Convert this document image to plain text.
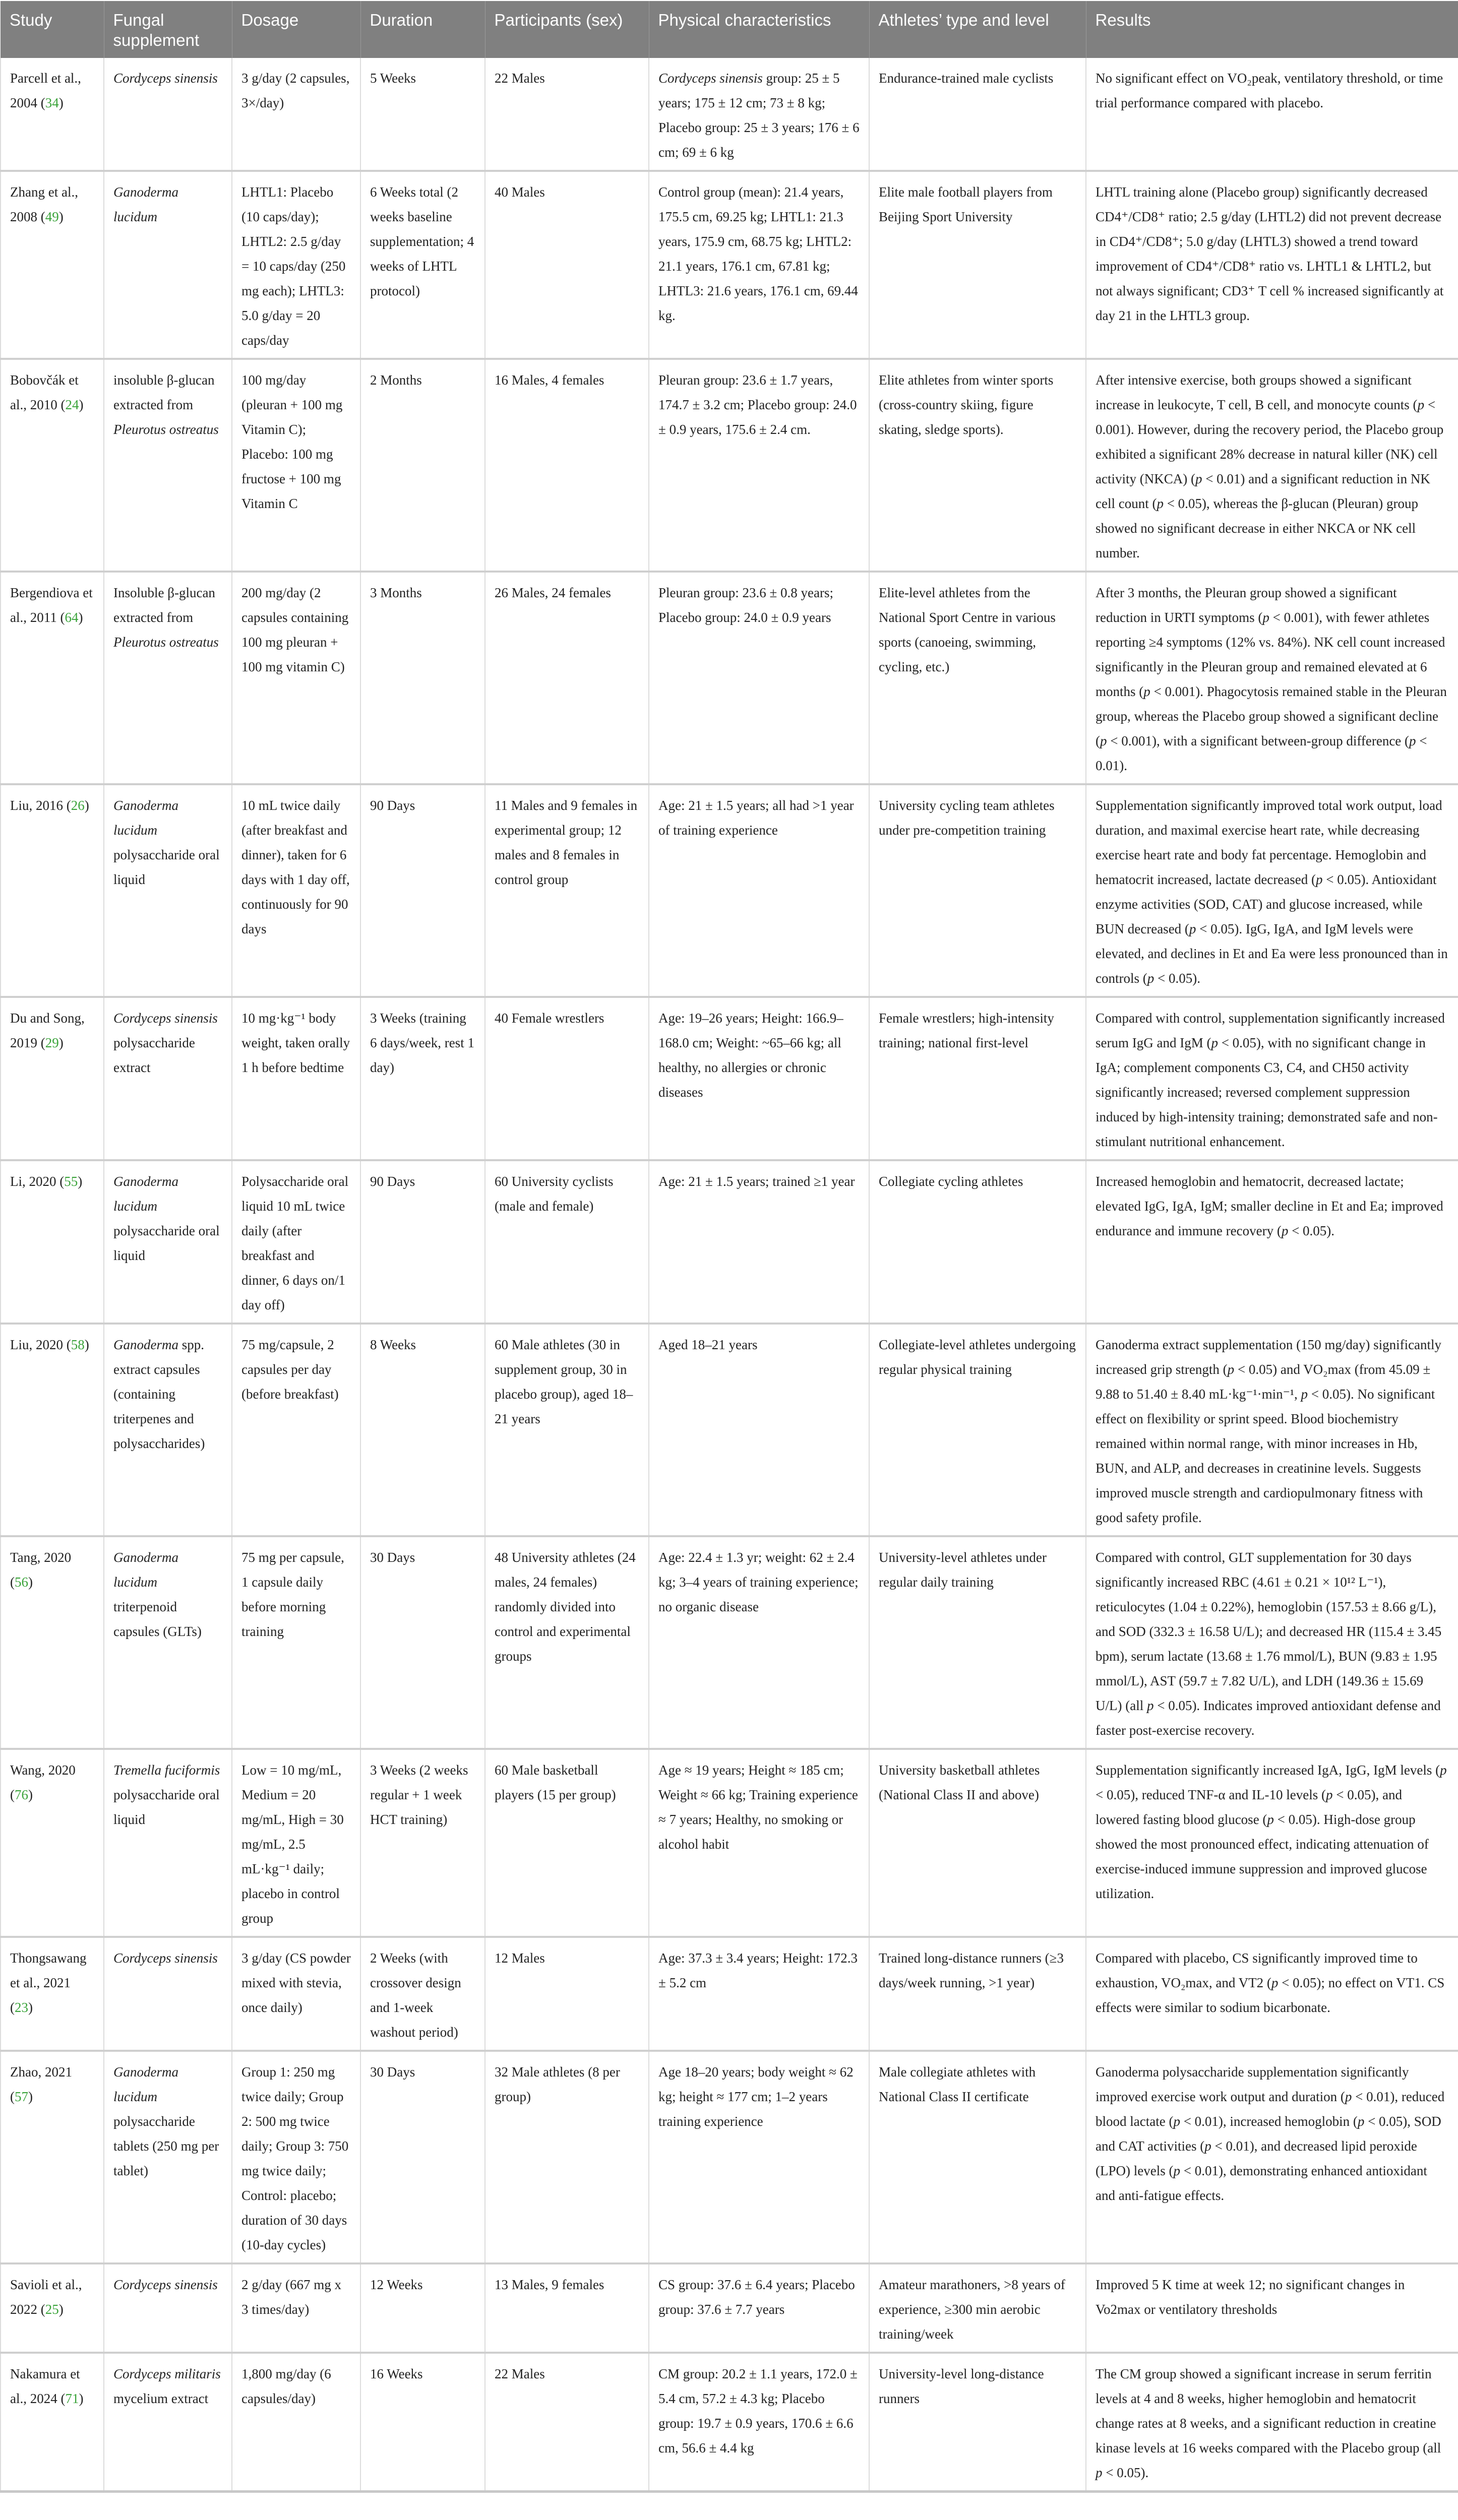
Study	Fungal supplement	Dosage	Duration	Participants (sex)	Physical characteristics	Athletes’ type and level	Results
Parcell et al., 2004 (34)	Cordyceps sinensis	3 g/day (2 capsules, 3×/day)	5 Weeks	22 Males	Cordyceps sinensis group: 25 ± 5 years; 175 ± 12 cm; 73 ± 8 kg; Placebo group: 25 ± 3 years; 176 ± 6 cm; 69 ± 6 kg	Endurance-trained male cyclists	No significant effect on VO₂peak, ventilatory threshold, or time trial performance compared with placebo.
Zhang et al., 2008 (49)	Ganoderma lucidum	LHTL1: Placebo (10 caps/day); LHTL2: 2.5 g/day = 10 caps/day (250 mg each); LHTL3: 5.0 g/day = 20 caps/day	6 Weeks total (2 weeks baseline supplementation; 4 weeks of LHTL protocol)	40 Males	Control group (mean): 21.4 years, 175.5 cm, 69.25 kg; LHTL1: 21.3 years, 175.9 cm, 68.75 kg; LHTL2: 21.1 years, 176.1 cm, 67.81 kg; LHTL3: 21.6 years, 176.1 cm, 69.44 kg.	Elite male football players from Beijing Sport University	LHTL training alone (Placebo group) significantly decreased CD4⁺/CD8⁺ ratio; 2.5 g/day (LHTL2) did not prevent decrease in CD4⁺/CD8⁺; 5.0 g/day (LHTL3) showed a trend toward improvement of CD4⁺/CD8⁺ ratio vs. LHTL1 & LHTL2, but not always significant; CD3⁺ T cell % increased significantly at day 21 in the LHTL3 group.
Bobovčák et al., 2010 (24)	insoluble β-glucan extracted from Pleurotus ostreatus	100 mg/day (pleuran + 100 mg Vitamin C); Placebo: 100 mg fructose + 100 mg Vitamin C	2 Months	16 Males, 4 females	Pleuran group: 23.6 ± 1.7 years, 174.7 ± 3.2 cm; Placebo group: 24.0 ± 0.9 years, 175.6 ± 2.4 cm.	Elite athletes from winter sports (cross-country skiing, figure skating, sledge sports).	After intensive exercise, both groups showed a significant increase in leukocyte, T cell, B cell, and monocyte counts (p < 0.001). However, during the recovery period, the Placebo group exhibited a significant 28% decrease in natural killer (NK) cell activity (NKCA) (p < 0.01) and a significant reduction in NK cell count (p < 0.05), whereas the β-glucan (Pleuran) group showed no significant decrease in either NKCA or NK cell number.
Bergendiova et al., 2011 (64)	Insoluble β-glucan extracted from Pleurotus ostreatus	200 mg/day (2 capsules containing 100 mg pleuran + 100 mg vitamin C)	3 Months	26 Males, 24 females	Pleuran group: 23.6 ± 0.8 years; Placebo group: 24.0 ± 0.9 years	Elite-level athletes from the National Sport Centre in various sports (canoeing, swimming, cycling, etc.)	After 3 months, the Pleuran group showed a significant reduction in URTI symptoms (p < 0.001), with fewer athletes reporting ≥4 symptoms (12% vs. 84%). NK cell count increased significantly in the Pleuran group and remained elevated at 6 months (p < 0.001). Phagocytosis remained stable in the Pleuran group, whereas the Placebo group showed a significant decline (p < 0.001), with a significant between-group difference (p < 0.01).
Liu, 2016 (26)	Ganoderma lucidum polysaccharide oral liquid	10 mL twice daily (after breakfast and dinner), taken for 6 days with 1 day off, continuously for 90 days	90 Days	11 Males and 9 females in experimental group; 12 males and 8 females in control group	Age: 21 ± 1.5 years; all had >1 year of training experience	University cycling team athletes under pre-competition training	Supplementation significantly improved total work output, load duration, and maximal exercise heart rate, while decreasing exercise heart rate and body fat percentage. Hemoglobin and hematocrit increased, lactate decreased (p < 0.05). Antioxidant enzyme activities (SOD, CAT) and glucose increased, while BUN decreased (p < 0.05). IgG, IgA, and IgM levels were elevated, and declines in Et and Ea were less pronounced than in controls (p < 0.05).
Du and Song, 2019 (29)	Cordyceps sinensis polysaccharide extract	10 mg·kg⁻¹ body weight, taken orally 1 h before bedtime	3 Weeks (training 6 days/week, rest 1 day)	40 Female wrestlers	Age: 19–26 years; Height: 166.9–168.0 cm; Weight: ~65–66 kg; all healthy, no allergies or chronic diseases	Female wrestlers; high-intensity training; national first-level	Compared with control, supplementation significantly increased serum IgG and IgM (p < 0.05), with no significant change in IgA; complement components C3, C4, and CH50 activity significantly increased; reversed complement suppression induced by high-intensity training; demonstrated safe and non-stimulant nutritional enhancement.
Li, 2020 (55)	Ganoderma lucidum polysaccharide oral liquid	Polysaccharide oral liquid 10 mL twice daily (after breakfast and dinner, 6 days on/1 day off)	90 Days	60 University cyclists (male and female)	Age: 21 ± 1.5 years; trained ≥1 year	Collegiate cycling athletes	Increased hemoglobin and hematocrit, decreased lactate; elevated IgG, IgA, IgM; smaller decline in Et and Ea; improved endurance and immune recovery (p < 0.05).
Liu, 2020 (58)	Ganoderma spp. extract capsules (containing triterpenes and polysaccharides)	75 mg/capsule, 2 capsules per day (before breakfast)	8 Weeks	60 Male athletes (30 in supplement group, 30 in placebo group), aged 18–21 years	Aged 18–21 years	Collegiate-level athletes undergoing regular physical training	Ganoderma extract supplementation (150 mg/day) significantly increased grip strength (p < 0.05) and VO₂max (from 45.09 ± 9.88 to 51.40 ± 8.40 mL·kg⁻¹·min⁻¹, p < 0.05). No significant effect on flexibility or sprint speed. Blood biochemistry remained within normal range, with minor increases in Hb, BUN, and ALP, and decreases in creatinine levels. Suggests improved muscle strength and cardiopulmonary fitness with good safety profile.
Tang, 2020 (56)	Ganoderma lucidum triterpenoid capsules (GLTs)	75 mg per capsule, 1 capsule daily before morning training	30 Days	48 University athletes (24 males, 24 females) randomly divided into control and experimental groups	Age: 22.4 ± 1.3 yr; weight: 62 ± 2.4 kg; 3–4 years of training experience; no organic disease	University-level athletes under regular daily training	Compared with control, GLT supplementation for 30 days significantly increased RBC (4.61 ± 0.21 × 10¹² L⁻¹), reticulocytes (1.04 ± 0.22%), hemoglobin (157.53 ± 8.66 g/L), and SOD (332.3 ± 16.58 U/L); and decreased HR (115.4 ± 3.45 bpm), serum lactate (13.68 ± 1.76 mmol/L), BUN (9.83 ± 1.95 mmol/L), AST (59.7 ± 7.82 U/L), and LDH (149.36 ± 15.69 U/L) (all p < 0.05). Indicates improved antioxidant defense and faster post-exercise recovery.
Wang, 2020 (76)	Tremella fuciformis polysaccharide oral liquid	Low = 10 mg/mL, Medium = 20 mg/mL, High = 30 mg/mL, 2.5 mL·kg⁻¹ daily; placebo in control group	3 Weeks (2 weeks regular + 1 week HCT training)	60 Male basketball players (15 per group)	Age ≈ 19 years; Height ≈ 185 cm; Weight ≈ 66 kg; Training experience ≈ 7 years; Healthy, no smoking or alcohol habit	University basketball athletes (National Class II and above)	Supplementation significantly increased IgA, IgG, IgM levels (p < 0.05), reduced TNF-α and IL-10 levels (p < 0.05), and lowered fasting blood glucose (p < 0.05). High-dose group showed the most pronounced effect, indicating attenuation of exercise-induced immune suppression and improved glucose utilization.
Thongsawang et al., 2021 (23)	Cordyceps sinensis	3 g/day (CS powder mixed with stevia, once daily)	2 Weeks (with crossover design and 1-week washout period)	12 Males	Age: 37.3 ± 3.4 years; Height: 172.3 ± 5.2 cm	Trained long-distance runners (≥3 days/week running, >1 year)	Compared with placebo, CS significantly improved time to exhaustion, VO₂max, and VT2 (p < 0.05); no effect on VT1. CS effects were similar to sodium bicarbonate.
Zhao, 2021 (57)	Ganoderma lucidum polysaccharide tablets (250 mg per tablet)	Group 1: 250 mg twice daily; Group 2: 500 mg twice daily; Group 3: 750 mg twice daily; Control: placebo; duration of 30 days (10-day cycles)	30 Days	32 Male athletes (8 per group)	Age 18–20 years; body weight ≈ 62 kg; height ≈ 177 cm; 1–2 years training experience	Male collegiate athletes with National Class II certificate	Ganoderma polysaccharide supplementation significantly improved exercise work output and duration (p < 0.01), reduced blood lactate (p < 0.01), increased hemoglobin (p < 0.05), SOD and CAT activities (p < 0.01), and decreased lipid peroxide (LPO) levels (p < 0.01), demonstrating enhanced antioxidant and anti-fatigue effects.
Savioli et al., 2022 (25)	Cordyceps sinensis	2 g/day (667 mg x 3 times/day)	12 Weeks	13 Males, 9 females	CS group: 37.6 ± 6.4 years; Placebo group: 37.6 ± 7.7 years	Amateur marathoners, >8 years of experience, ≥300 min aerobic training/week	Improved 5 K time at week 12; no significant changes in Vo2max or ventilatory thresholds
Nakamura et al., 2024 (71)	Cordyceps militaris mycelium extract	1,800 mg/day (6 capsules/day)	16 Weeks	22 Males	CM group: 20.2 ± 1.1 years, 172.0 ± 5.4 cm, 57.2 ± 4.3 kg; Placebo group: 19.7 ± 0.9 years, 170.6 ± 6.6 cm, 56.6 ± 4.4 kg	University-level long-distance runners	The CM group showed a significant increase in serum ferritin levels at 4 and 8 weeks, higher hemoglobin and hematocrit change rates at 8 weeks, and a significant reduction in creatine kinase levels at 16 weeks compared with the Placebo group (all p < 0.05).
